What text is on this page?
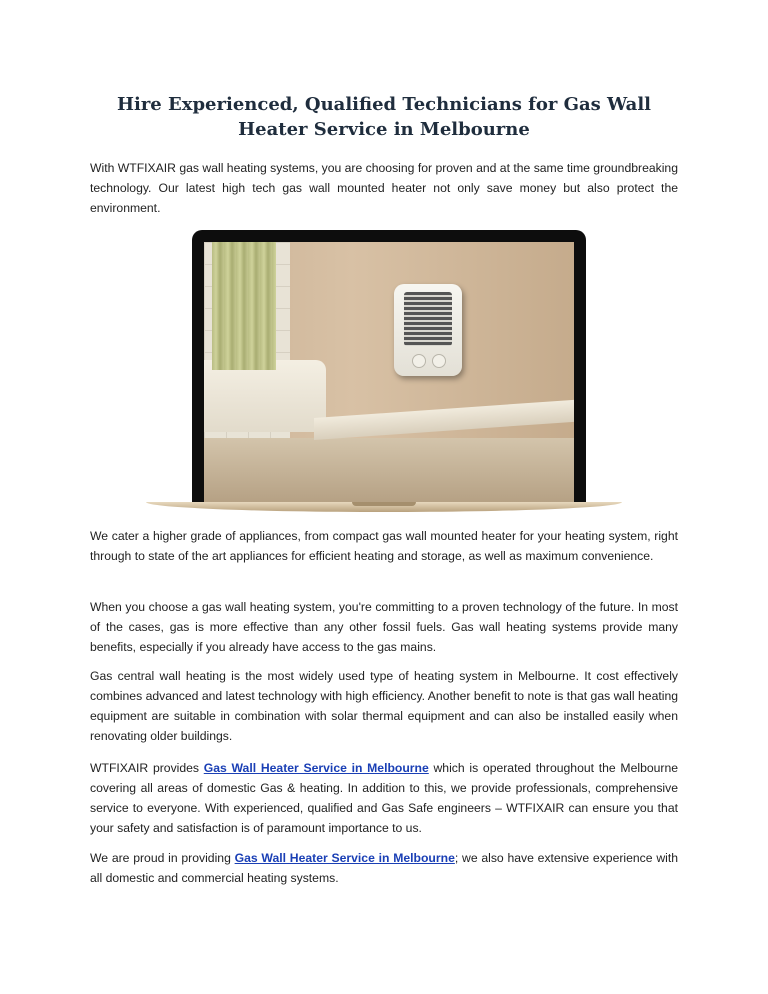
Hire Experienced, Qualified Technicians for Gas Wall Heater Service in Melbourne

With WTFIXAIR gas wall heating systems, you are choosing for proven and at the same time groundbreaking technology. Our latest high tech gas wall mounted heater not only save money but also protect the environment.

We cater a higher grade of appliances, from compact gas wall mounted heater for your heating system, right through to state of the art appliances for efficient heating and storage, as well as maximum convenience.

When you choose a gas wall heating system, you're committing to a proven technology of the future. In most of the cases, gas is more effective than any other fossil fuels. Gas wall heating systems provide many benefits, especially if you already have access to the gas mains.

Gas central wall heating is the most widely used type of heating system in Melbourne. It cost effectively combines advanced and latest technology with high efficiency. Another benefit to note is that gas wall heating equipment are suitable in combination with solar thermal equipment and can also be installed easily when renovating older buildings.

WTFIXAIR provides Gas Wall Heater Service in Melbourne which is operated throughout the Melbourne covering all areas of domestic Gas & heating. In addition to this, we provide professionals, comprehensive service to everyone. With experienced, qualified and Gas Safe engineers – WTFIXAIR can ensure you that your safety and satisfaction is of paramount importance to us.

We are proud in providing Gas Wall Heater Service in Melbourne; we also have extensive experience with all domestic and commercial heating systems.
